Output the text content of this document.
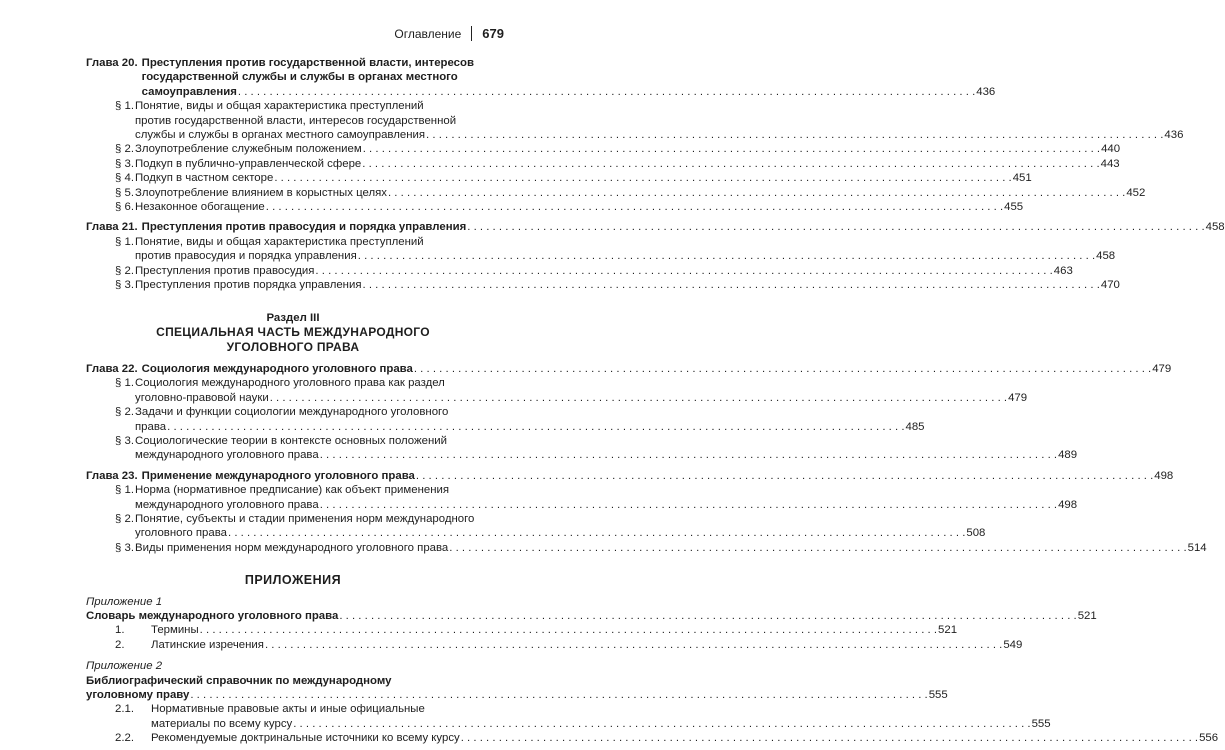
Оглавление 679
Глава 20. Преступления против государственной власти, интересов
государственной службы и службы в органах местного
самоуправления . . .	436
§ 1. Понятие, виды и общая характеристика преступлений
против государственной власти, интересов государственной
службы и службы в органах местного самоуправления . . .	436
§ 2. Злоупотребление служебным положением . . .	440
§ 3. Подкуп в публично-управленческой сфере . . .	443
§ 4. Подкуп в частном секторе . . .	451
§ 5. Злоупотребление влиянием в корыстных целях . . .	452
§ 6. Незаконное обогащение . . .	455
Глава 21. Преступления против правосудия и порядка управления . . .	458
§ 1. Понятие, виды и общая характеристика преступлений
против правосудия и порядка управления . . .	458
§ 2. Преступления против правосудия . . .	463
§ 3. Преступления против порядка управления . . .	470
Раздел III
СПЕЦИАЛЬНАЯ ЧАСТЬ МЕЖДУНАРОДНОГО
УГОЛОВНОГО ПРАВА
Глава 22. Социология международного уголовного права . . .	479
§ 1. Социология международного уголовного права как раздел
уголовно-правовой науки . . .	479
§ 2. Задачи и функции социологии международного уголовного
права . . .	485
§ 3. Социологические теории в контексте основных положений
международного уголовного права . . .	489
Глава 23. Применение международного уголовного права . . .	498
§ 1. Норма (нормативное предписание) как объект применения
международного уголовного права . . .	498
§ 2. Понятие, субъекты и стадии применения норм международного
уголовного права . . .	508
§ 3. Виды применения норм международного уголовного права . . .	514
ПРИЛОЖЕНИЯ
Приложение 1
Словарь международного уголовного права . . .	521
1.	Термины . . .	521
2.	Латинские изречения . . .	549
Приложение 2
Библиографический справочник по международному
уголовному праву . . .	555
2.1.	Нормативные правовые акты и иные официальные
материалы по всему курсу . . .	555
2.2.	Рекомендуемые доктринальные источники ко всему курсу . . .	556
